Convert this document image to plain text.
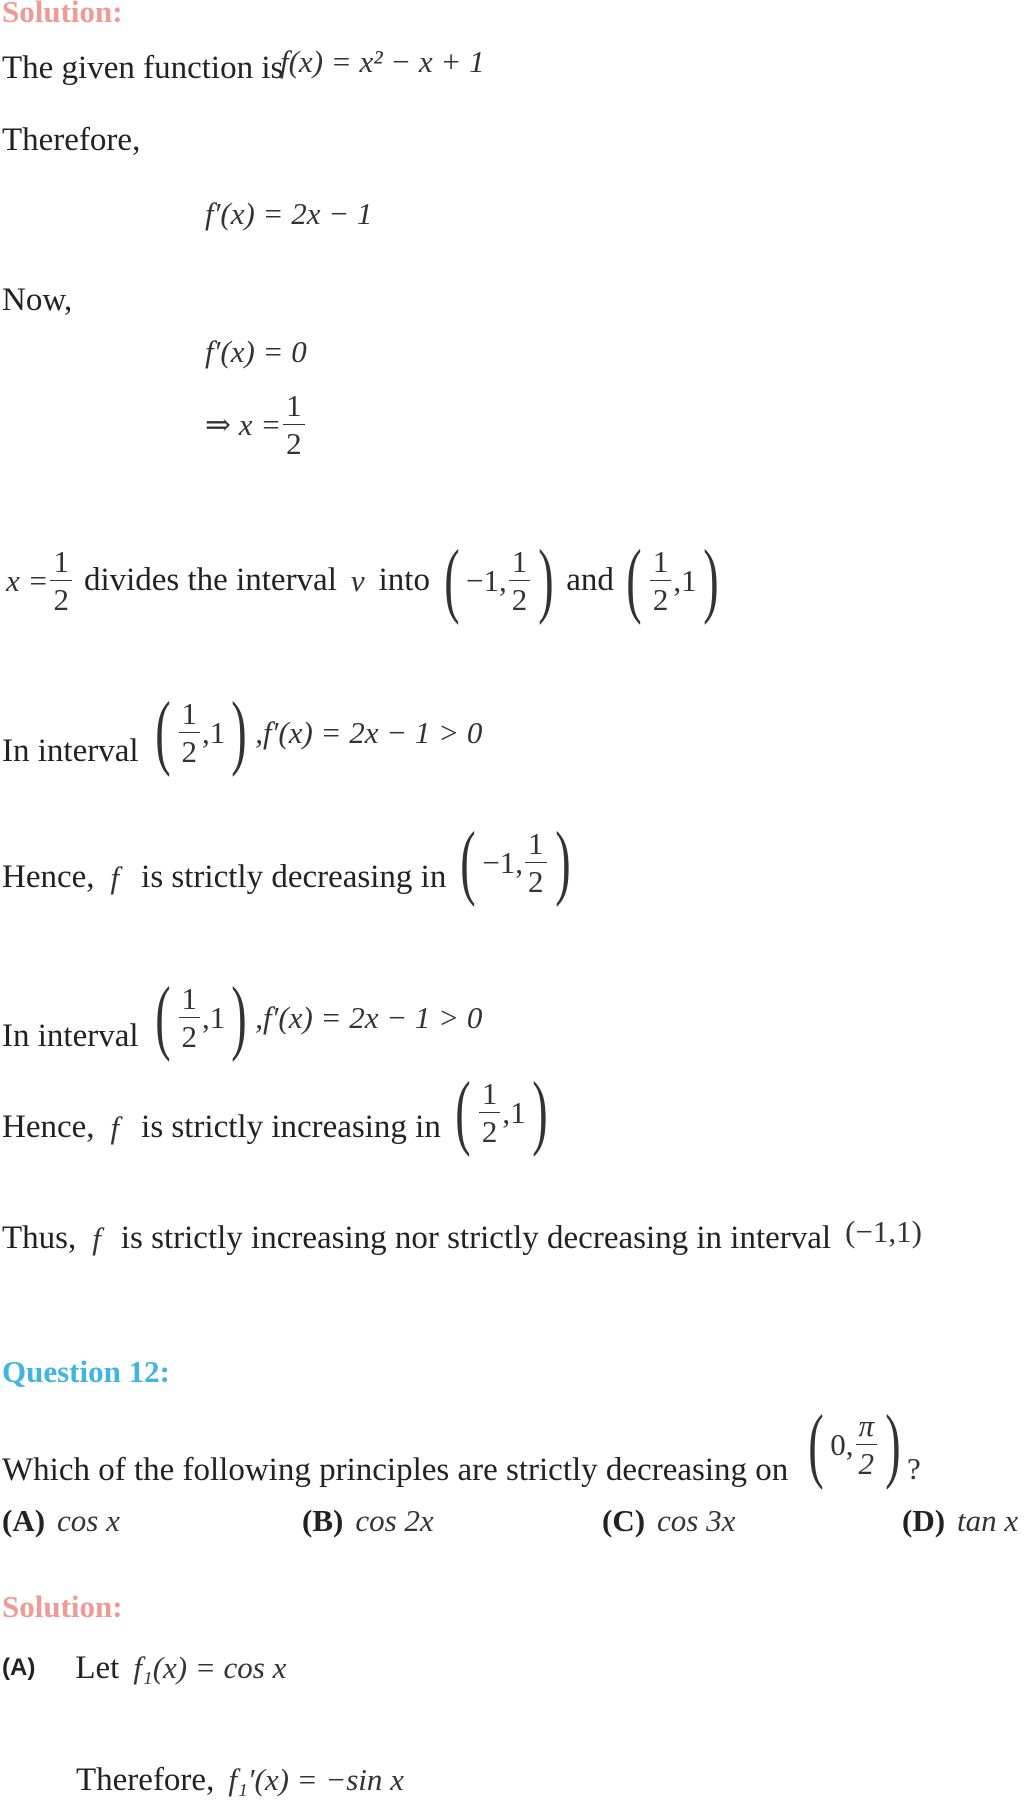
Solution:
The given function is
f(x) = x² − x + 1
Therefore,
f′(x) = 2x − 1
Now,
f′(x) = 0
⇒ $x = \frac{1}{2}$
$x = \frac{1}{2}$ divides the interval v into ( −1, $\frac{1}{2}$ ) and ( $\frac{1}{2} ,1$ )
In interval ( $\frac{1}{2} ,1$ ) , f′(x) = 2x − 1 > 0
Hence, f is strictly decreasing in ( −1, $\frac{1}{2}$ )
In interval ( $\frac{1}{2} ,1$ ) , f′(x) = 2x − 1 > 0
Hence, f is strictly increasing in ( $\frac{1}{2} ,1$ )
Thus, f is strictly increasing nor strictly decreasing in interval (−1,1)
Question 12:
Which of the following principles are strictly decreasing on ( 0, $\frac{\pi}{2}$ ) ?
(A) cos x	(B) cos 2x	(C) cos 3x	(D) tan x
Solution:
(A) Let f₁(x) = cos x
Therefore, f₁′(x) = −sin x
